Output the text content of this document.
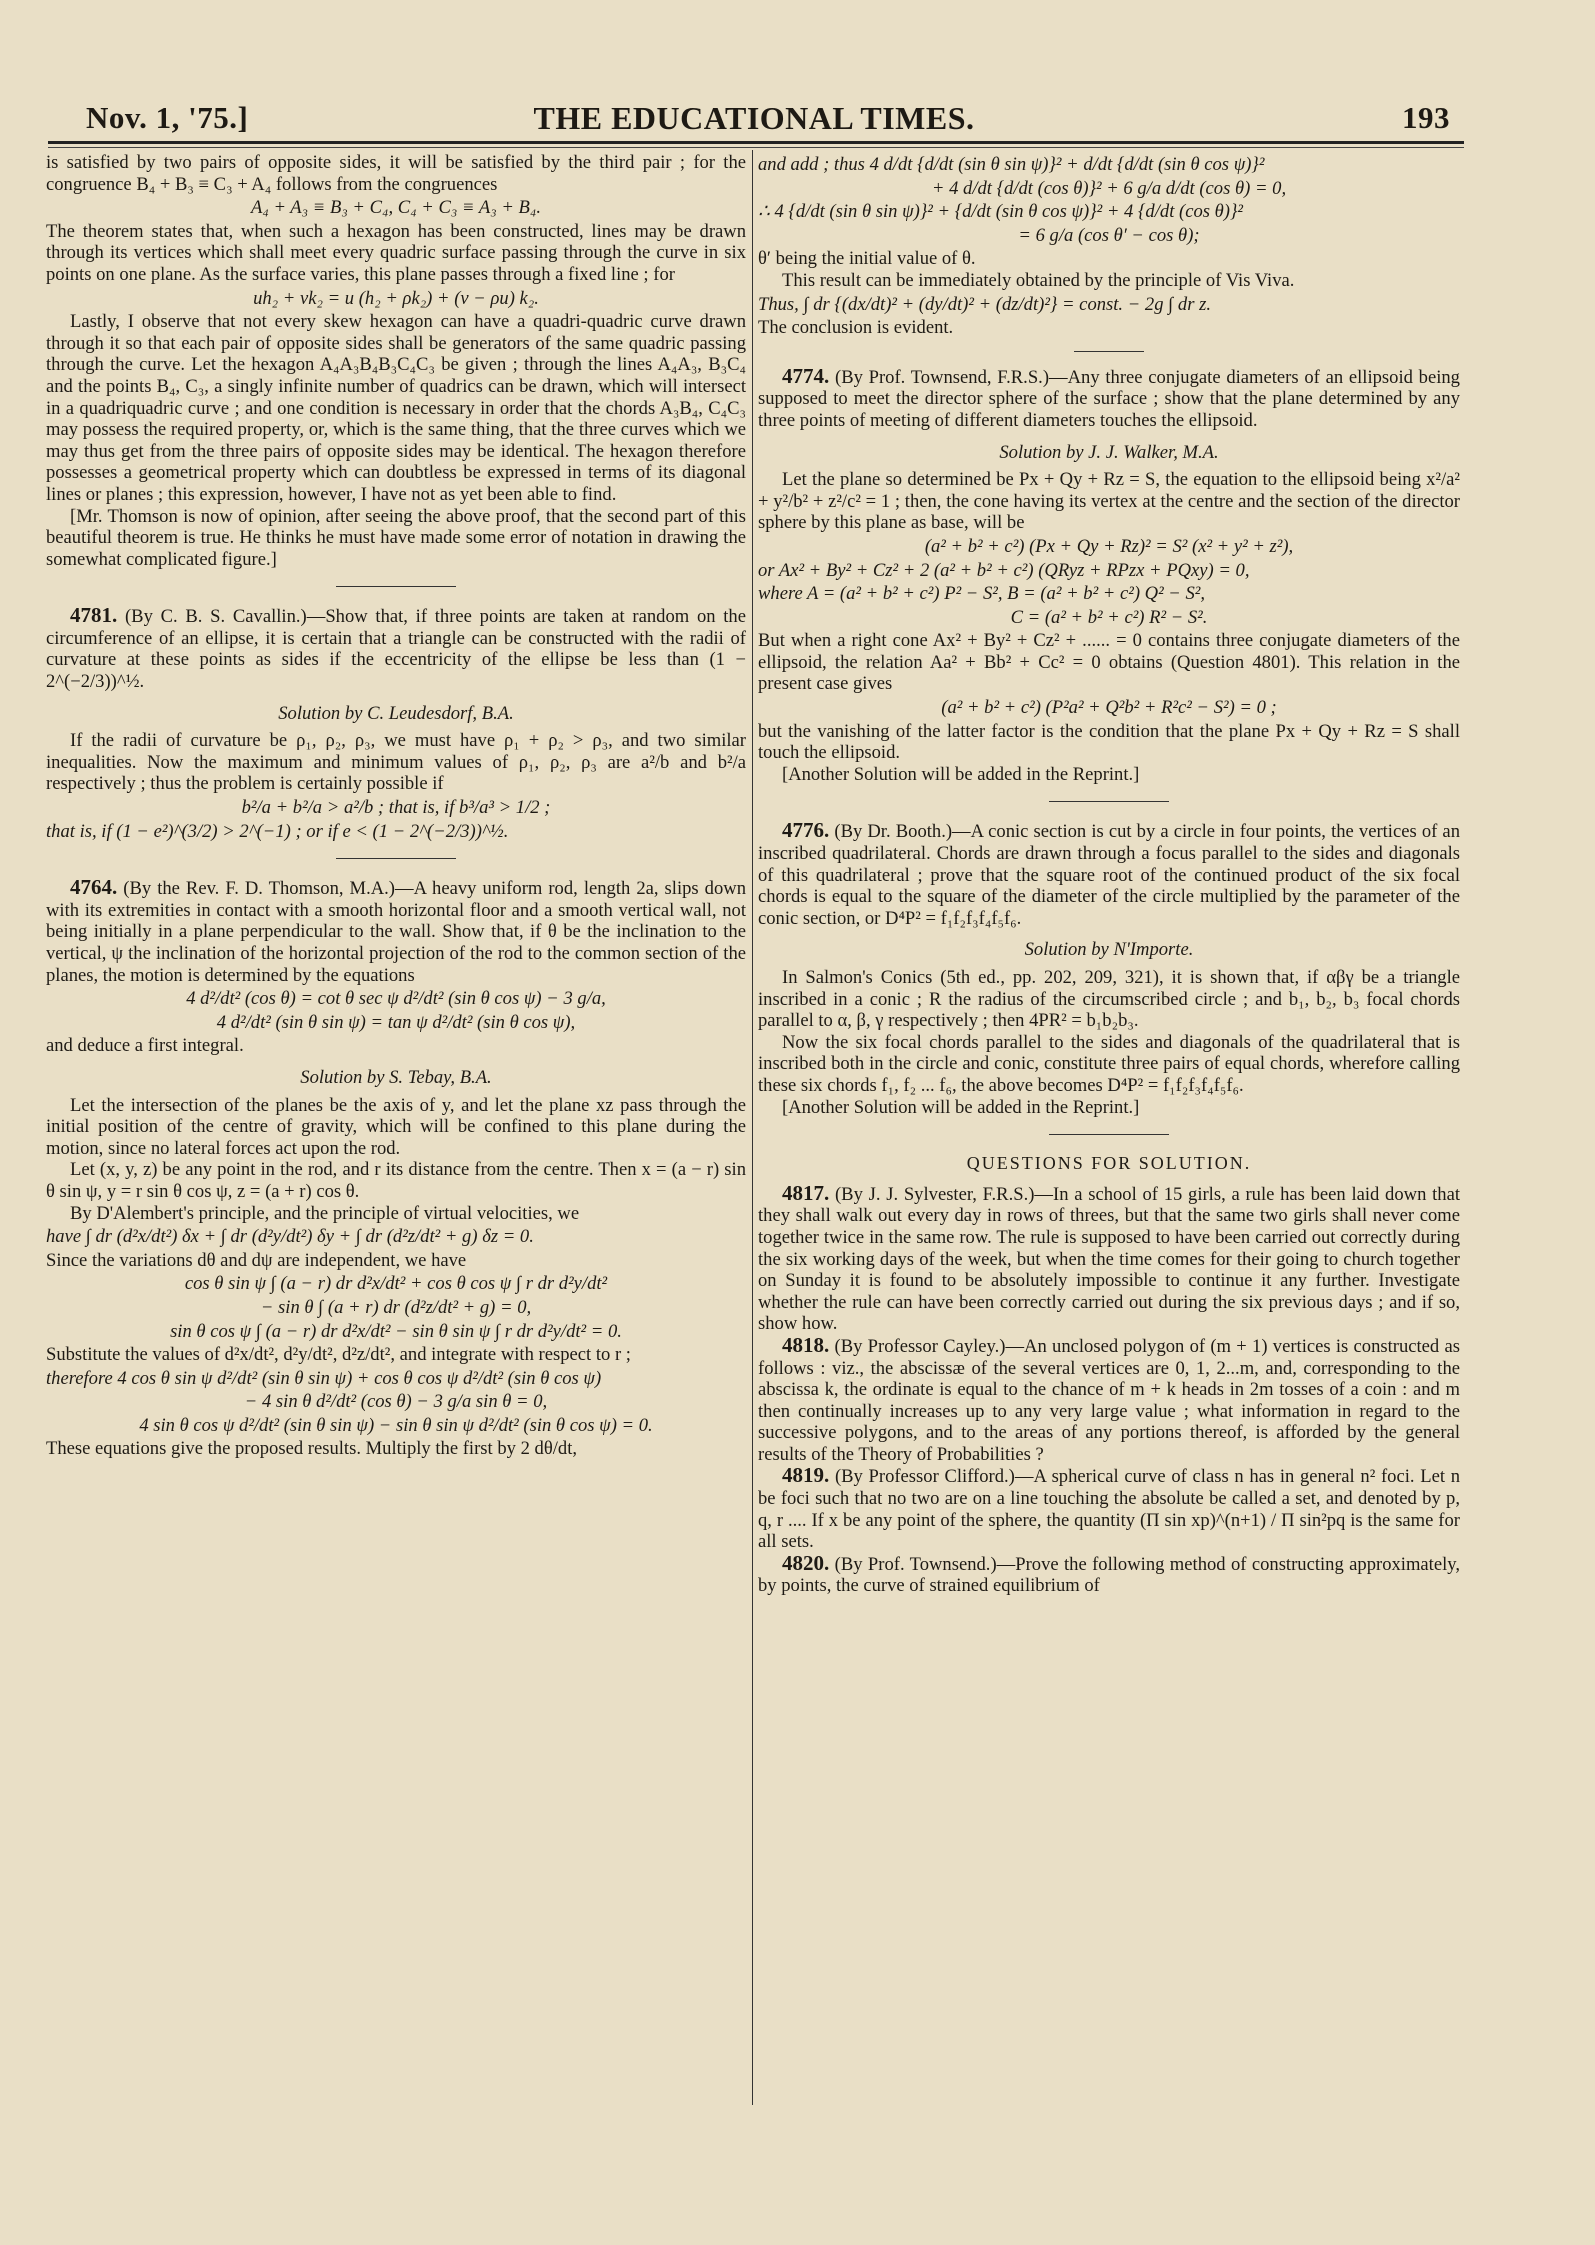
Nov. 1, '75.]	THE EDUCATIONAL TIMES.	193

is satisfied by two pairs of opposite sides, it will be satisfied by the third pair ; for the congruence B₄ + B₃ ≡ C₃ + A₄ follows from the congruences

A₄ + A₃ ≡ B₃ + C₄, C₄ + C₃ ≡ A₃ + B₄.

The theorem states that, when such a hexagon has been constructed, lines may be drawn through its vertices which shall meet every quadric surface passing through the curve in six points on one plane. As the surface varies, this plane passes through a fixed line ; for

uh₂ + vk₂ = u (h₂ + ρk₂) + (v − ρu) k₂.

Lastly, I observe that not every skew hexagon can have a quadri-quadric curve drawn through it so that each pair of opposite sides shall be generators of the same quadric passing through the curve. Let the hexagon A₄A₃B₄B₃C₄C₃ be given ; through the lines A₄A₃, B₃C₄ and the points B₄, C₃, a singly infinite number of quadrics can be drawn, which will intersect in a quadriquadric curve ; and one condition is necessary in order that the chords A₃B₄, C₄C₃ may possess the required property, or, which is the same thing, that the three curves which we may thus get from the three pairs of opposite sides may be identical. The hexagon therefore possesses a geometrical property which can doubtless be expressed in terms of its diagonal lines or planes ; this expression, however, I have not as yet been able to find.

[Mr. Thomson is now of opinion, after seeing the above proof, that the second part of this beautiful theorem is true. He thinks he must have made some error of notation in drawing the somewhat complicated figure.]

4781. (By C. B. S. Cavallin.)—Show that, if three points are taken at random on the circumference of an ellipse, it is certain that a triangle can be constructed with the radii of curvature at these points as sides if the eccentricity of the ellipse be less than (1 − 2^(−2/3))^½.

Solution by C. Leudesdorf, B.A.

If the radii of curvature be ρ₁, ρ₂, ρ₃, we must have ρ₁ + ρ₂ > ρ₃, and two similar inequalities. Now the maximum and minimum values of ρ₁, ρ₂, ρ₃ are a²/b and b²/a respectively ; thus the problem is certainly possible if

b²/a + b²/a > a²/b ; that is, if b³/a³ > 1/2 ;

that is, if (1 − e²)^(3/2) > 2^(−1) ; or if e < (1 − 2^(−2/3))^½.

4764. (By the Rev. F. D. Thomson, M.A.)—A heavy uniform rod, length 2a, slips down with its extremities in contact with a smooth horizontal floor and a smooth vertical wall, not being initially in a plane perpendicular to the wall. Show that, if θ be the inclination to the vertical, ψ the inclination of the horizontal projection of the rod to the common section of the planes, the motion is determined by the equations

4 d²/dt² (cos θ) = cot θ sec ψ d²/dt² (sin θ cos ψ) − 3 g/a,

4 d²/dt² (sin θ sin ψ) = tan ψ d²/dt² (sin θ cos ψ),

and deduce a first integral.

Solution by S. Tebay, B.A.

Let the intersection of the planes be the axis of y, and let the plane xz pass through the initial position of the centre of gravity, which will be confined to this plane during the motion, since no lateral forces act upon the rod.

Let (x, y, z) be any point in the rod, and r its distance from the centre. Then x = (a − r) sin θ sin ψ, y = r sin θ cos ψ, z = (a + r) cos θ.

By D'Alembert's principle, and the principle of virtual velocities, we

have ∫ dr (d²x/dt²) δx + ∫ dr (d²y/dt²) δy + ∫ dr (d²z/dt² + g) δz = 0.

Since the variations dθ and dψ are independent, we have

cos θ sin ψ ∫ (a − r) dr d²x/dt² + cos θ cos ψ ∫ r dr d²y/dt²

− sin θ ∫ (a + r) dr (d²z/dt² + g) = 0,

sin θ cos ψ ∫ (a − r) dr d²x/dt² − sin θ sin ψ ∫ r dr d²y/dt² = 0.

Substitute the values of d²x/dt², d²y/dt², d²z/dt², and integrate with respect to r ;

therefore 4 cos θ sin ψ d²/dt² (sin θ sin ψ) + cos θ cos ψ d²/dt² (sin θ cos ψ)

− 4 sin θ d²/dt² (cos θ) − 3 g/a sin θ = 0,

4 sin θ cos ψ d²/dt² (sin θ sin ψ) − sin θ sin ψ d²/dt² (sin θ cos ψ) = 0.

These equations give the proposed results. Multiply the first by 2 dθ/dt,

and add ; thus 4 d/dt {d/dt (sin θ sin ψ)}² + d/dt {d/dt (sin θ cos ψ)}²

+ 4 d/dt {d/dt (cos θ)}² + 6 g/a d/dt (cos θ) = 0,

∴ 4 {d/dt (sin θ sin ψ)}² + {d/dt (sin θ cos ψ)}² + 4 {d/dt (cos θ)}²

= 6 g/a (cos θ′ − cos θ);

θ′ being the initial value of θ.

This result can be immediately obtained by the principle of Vis Viva.

Thus, ∫ dr {(dx/dt)² + (dy/dt)² + (dz/dt)²} = const. − 2g ∫ dr z.

The conclusion is evident.

4774. (By Prof. Townsend, F.R.S.)—Any three conjugate diameters of an ellipsoid being supposed to meet the director sphere of the surface ; show that the plane determined by any three points of meeting of different diameters touches the ellipsoid.

Solution by J. J. Walker, M.A.

Let the plane so determined be Px + Qy + Rz = S, the equation to the ellipsoid being x²/a² + y²/b² + z²/c² = 1 ; then, the cone having its vertex at the centre and the section of the director sphere by this plane as base, will be

(a² + b² + c²) (Px + Qy + Rz)² = S² (x² + y² + z²),

or Ax² + By² + Cz² + 2 (a² + b² + c²) (QRyz + RPzx + PQxy) = 0,

where A = (a² + b² + c²) P² − S², B = (a² + b² + c²) Q² − S²,

C = (a² + b² + c²) R² − S².

But when a right cone Ax² + By² + Cz² + ...... = 0 contains three conjugate diameters of the ellipsoid, the relation Aa² + Bb² + Cc² = 0 obtains (Question 4801). This relation in the present case gives

(a² + b² + c²) (P²a² + Q²b² + R²c² − S²) = 0 ;

but the vanishing of the latter factor is the condition that the plane Px + Qy + Rz = S shall touch the ellipsoid.

[Another Solution will be added in the Reprint.]

4776. (By Dr. Booth.)—A conic section is cut by a circle in four points, the vertices of an inscribed quadrilateral. Chords are drawn through a focus parallel to the sides and diagonals of this quadrilateral ; prove that the square root of the continued product of the six focal chords is equal to the square of the diameter of the circle multiplied by the parameter of the conic section, or D⁴P² = f₁f₂f₃f₄f₅f₆.

Solution by N'Importe.

In Salmon's Conics (5th ed., pp. 202, 209, 321), it is shown that, if αβγ be a triangle inscribed in a conic ; R the radius of the circumscribed circle ; and b₁, b₂, b₃ focal chords parallel to α, β, γ respectively ; then 4PR² = b₁b₂b₃.

Now the six focal chords parallel to the sides and diagonals of the quadrilateral that is inscribed both in the circle and conic, constitute three pairs of equal chords, wherefore calling these six chords f₁, f₂ ... f₆, the above becomes D⁴P² = f₁f₂f₃f₄f₅f₆.

[Another Solution will be added in the Reprint.]

QUESTIONS FOR SOLUTION.

4817. (By J. J. Sylvester, F.R.S.)—In a school of 15 girls, a rule has been laid down that they shall walk out every day in rows of threes, but that the same two girls shall never come together twice in the same row. The rule is supposed to have been carried out correctly during the six working days of the week, but when the time comes for their going to church together on Sunday it is found to be absolutely impossible to continue it any further. Investigate whether the rule can have been correctly carried out during the six previous days ; and if so, show how.

4818. (By Professor Cayley.)—An unclosed polygon of (m + 1) vertices is constructed as follows : viz., the abscissæ of the several vertices are 0, 1, 2...m, and, corresponding to the abscissa k, the ordinate is equal to the chance of m + k heads in 2m tosses of a coin : and m then continually increases up to any very large value ; what information in regard to the successive polygons, and to the areas of any portions thereof, is afforded by the general results of the Theory of Probabilities ?

4819. (By Professor Clifford.)—A spherical curve of class n has in general n² foci. Let n be foci such that no two are on a line touching the absolute be called a set, and denoted by p, q, r .... If x be any point of the sphere, the quantity (Π sin xp)^(n+1) / Π sin²pq is the same for all sets.

4820. (By Prof. Townsend.)—Prove the following method of constructing approximately, by points, the curve of strained equilibrium of
